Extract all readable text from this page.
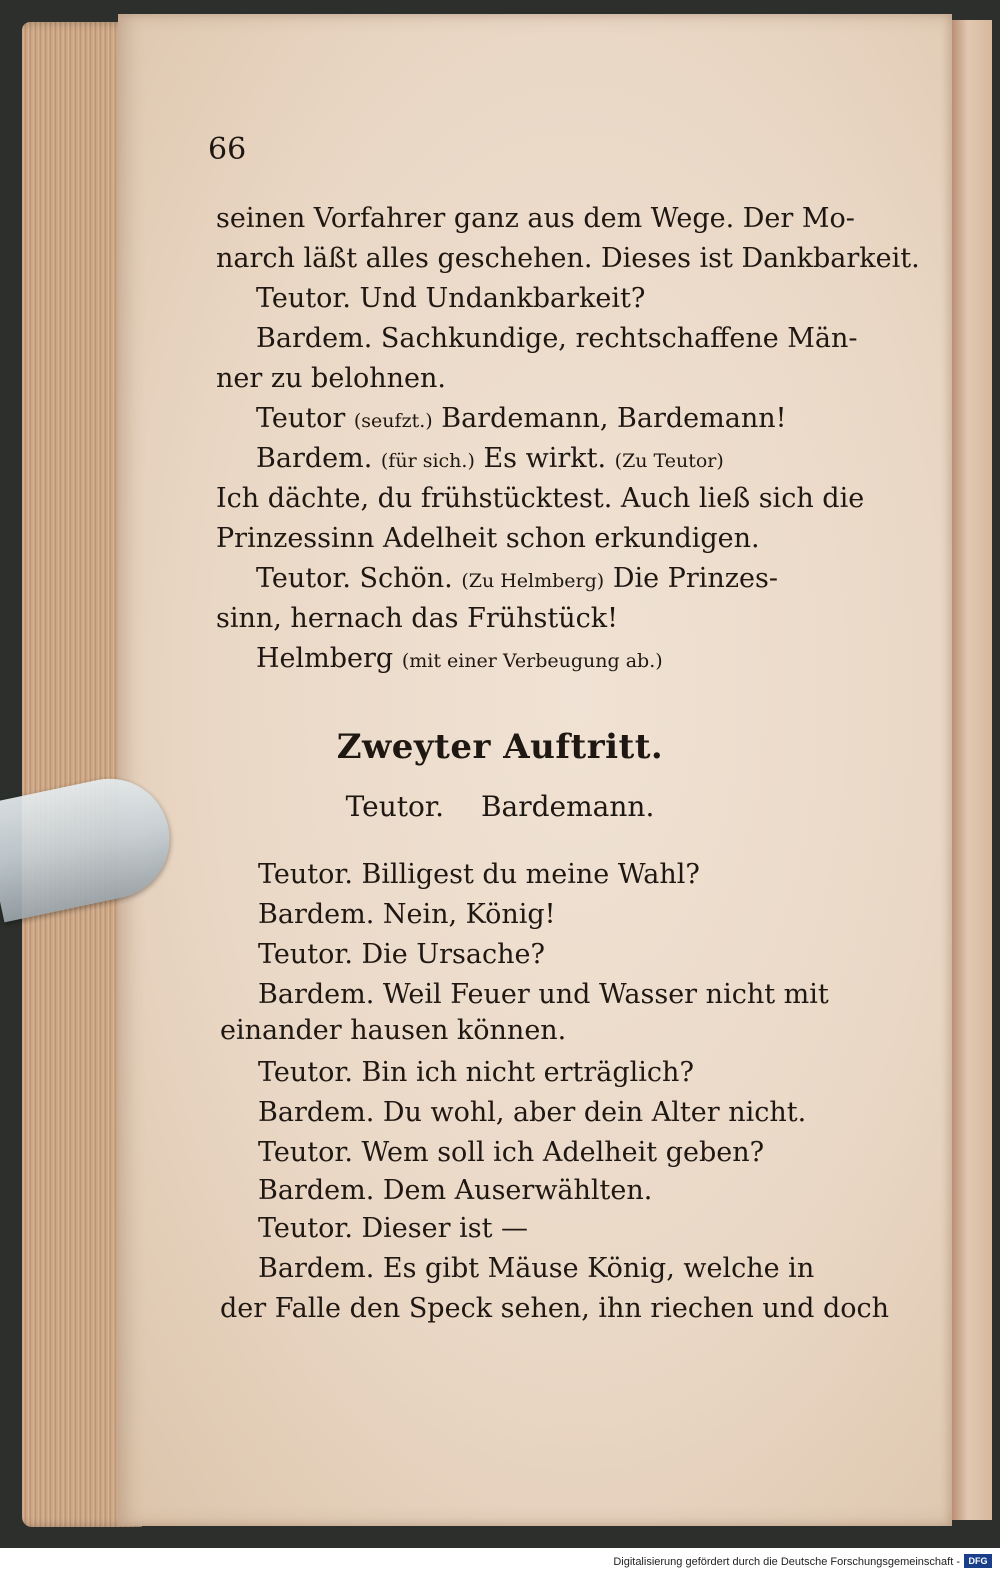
66
seinen Vorfahrer ganz aus dem Wege. Der Mo-
narch läßt alles geschehen. Dieses ist Dankbarkeit.
Teutor. Und Undankbarkeit?
Bardem. Sachkundige, rechtschaffene Män-
ner zu belohnen.
Teutor (seufzt.) Bardemann, Bardemann!
Bardem. (für sich.) Es wirkt. (Zu Teutor)
Ich dächte, du frühstücktest. Auch ließ sich die
Prinzessinn Adelheit schon erkundigen.
Teutor. Schön. (Zu Helmberg) Die Prinzes-
sinn, hernach das Frühstück!
Helmberg (mit einer Verbeugung ab.)
Zweyter Auftritt.
Teutor. Bardemann.
Teutor. Billigest du meine Wahl?
Bardem. Nein, König!
Teutor. Die Ursache?
Bardem. Weil Feuer und Wasser nicht mit
einander hausen können.
Teutor. Bin ich nicht erträglich?
Bardem. Du wohl, aber dein Alter nicht.
Teutor. Wem soll ich Adelheit geben?
Bardem. Dem Auserwählten.
Teutor. Dieser ist —
Bardem. Es gibt Mäuse König, welche in
der Falle den Speck sehen, ihn riechen und doch
Digitalisierung gefördert durch die Deutsche Forschungsgemeinschaft - DFG
